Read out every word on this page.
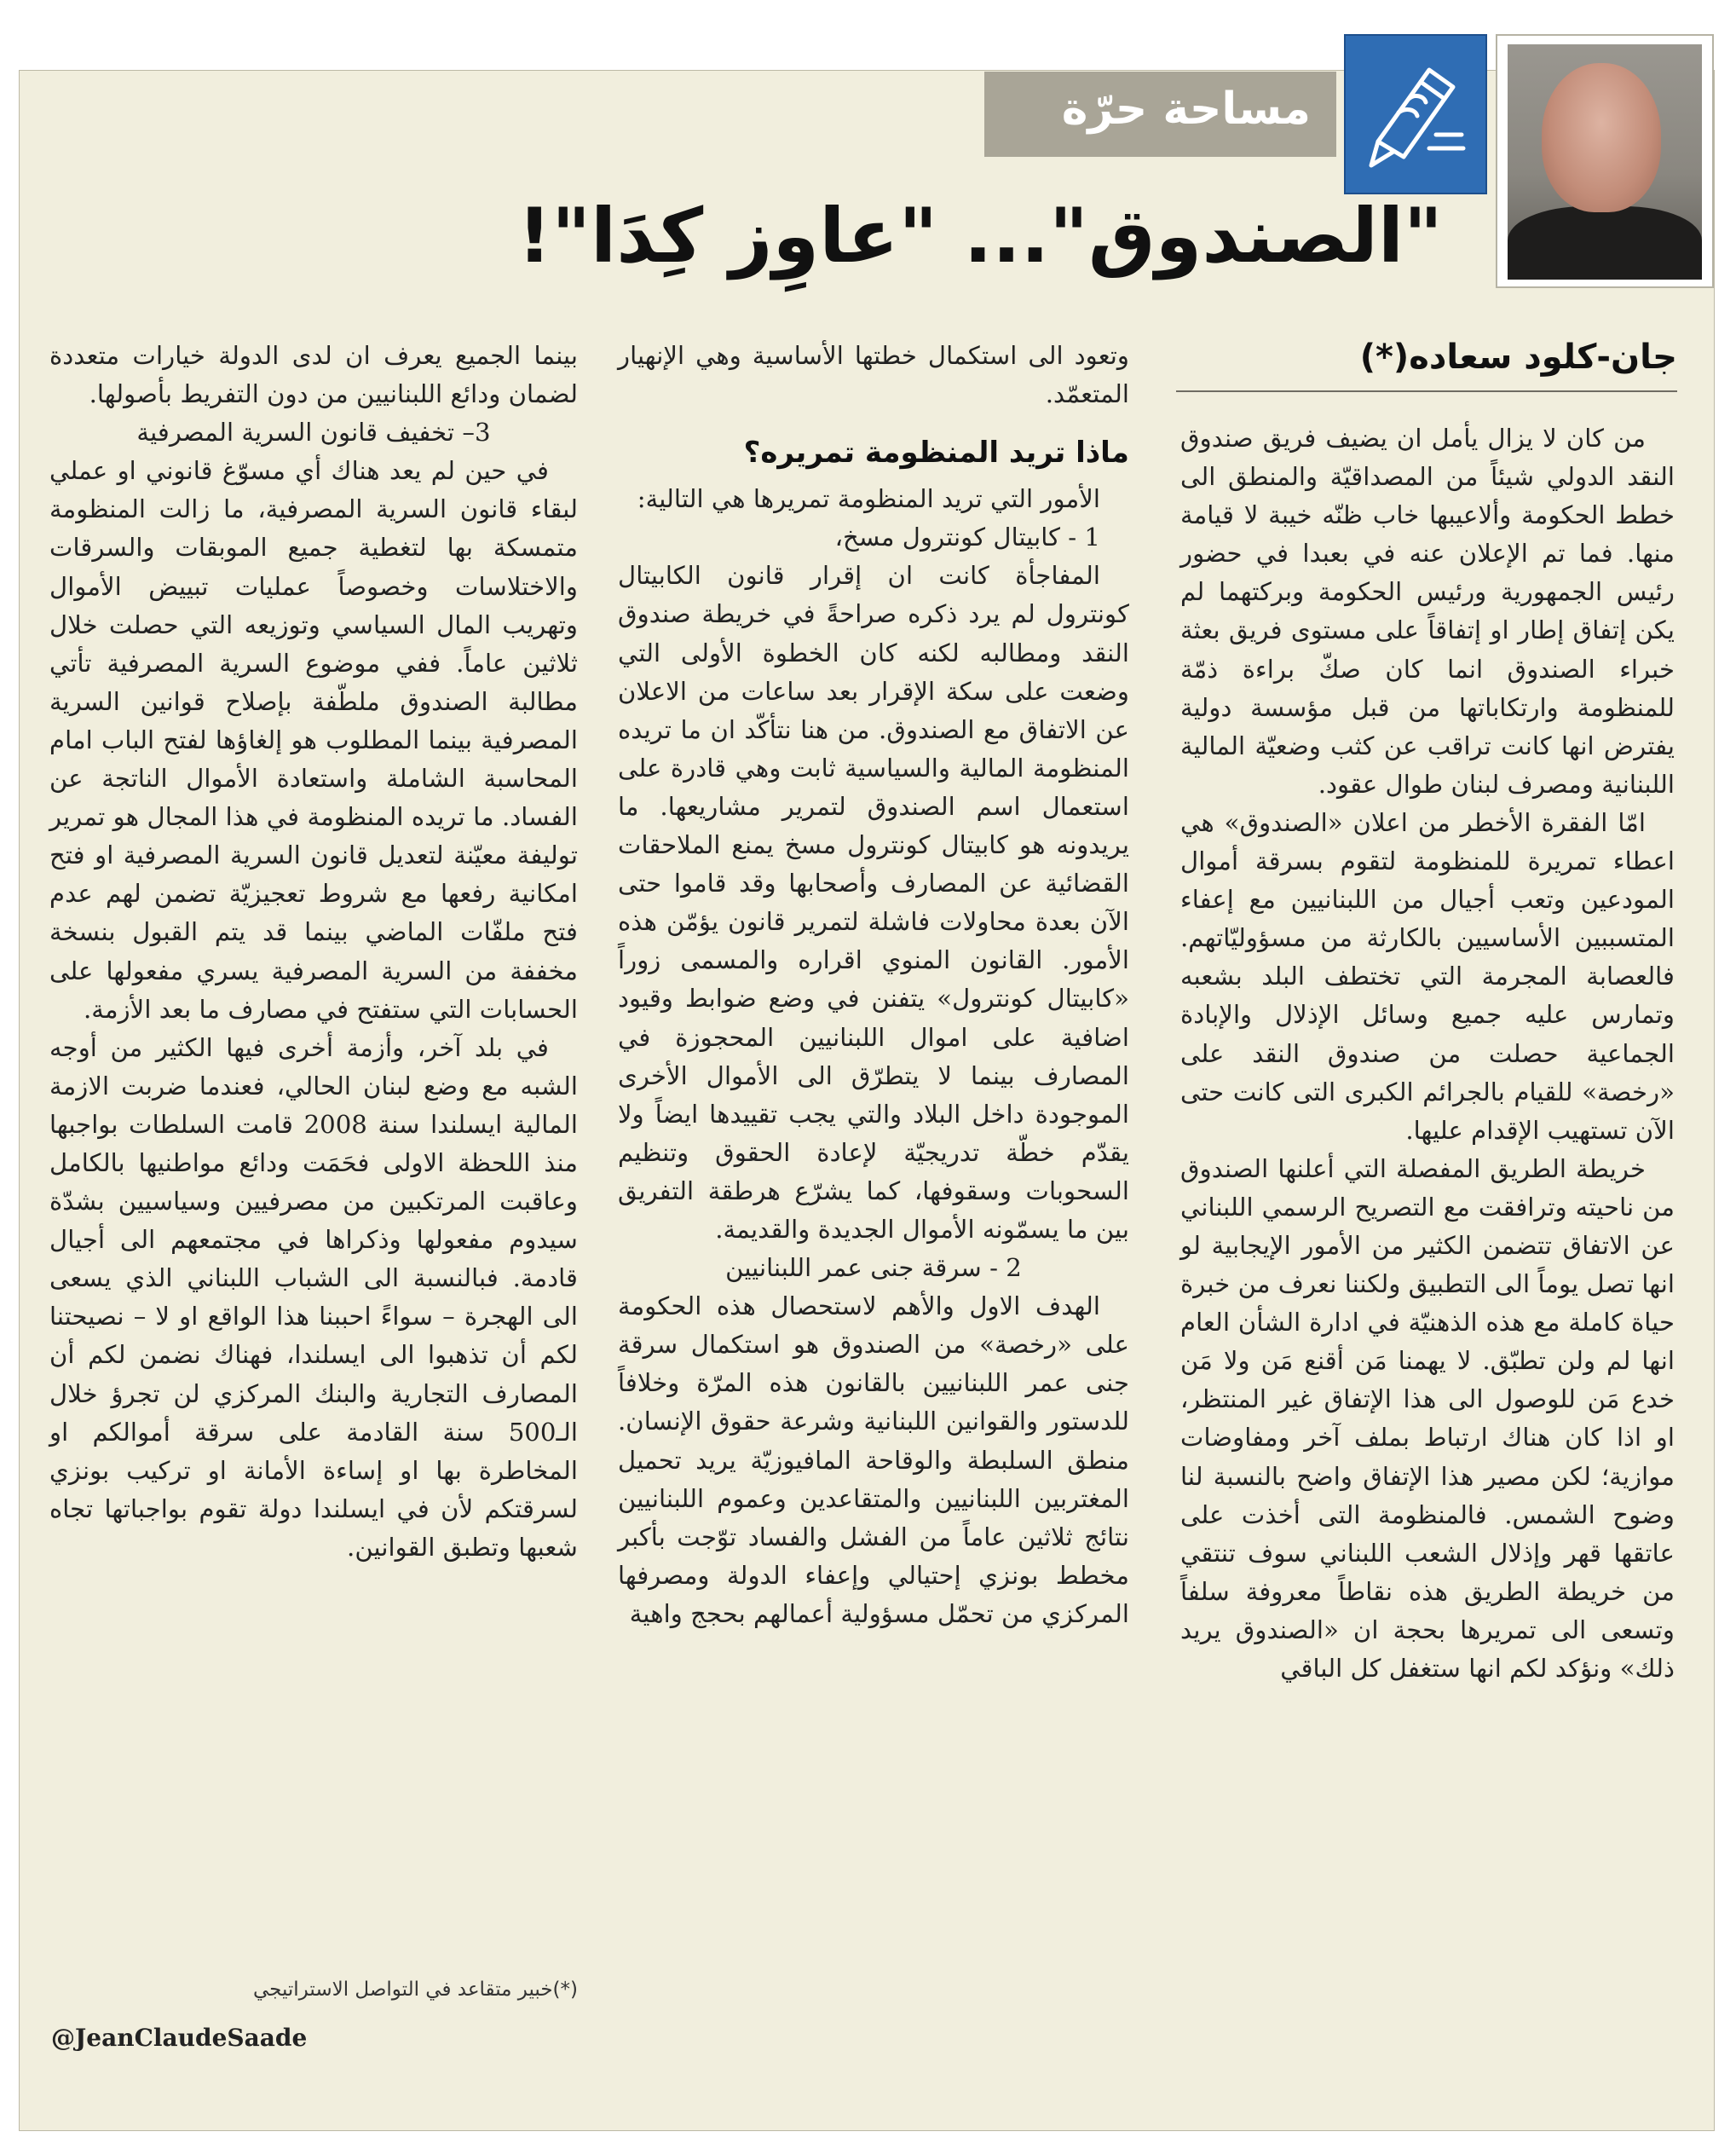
مساحة حرّة
"الصندوق"... "عاوِز كِدَا"!
جان-كلود سعاده(*)

من كان لا يزال يأمل ان يضيف فريق صندوق النقد الدولي شيئاً من المصداقيّة والمنطق الى خطط الحكومة وألاعيبها خاب ظنّه خيبة لا قيامة منها. فما تم الإعلان عنه في بعبدا في حضور رئيس الجمهورية ورئيس الحكومة وبركتهما لم يكن إتفاق إطار او إتفاقاً على مستوى فريق بعثة خبراء الصندوق انما كان صكّ براءة ذمّة للمنظومة وارتكاباتها من قبل مؤسسة دولية يفترض انها كانت تراقب عن كثب وضعيّة المالية اللبنانية ومصرف لبنان طوال عقود.

امّا الفقرة الأخطر من اعلان «الصندوق» هي اعطاء تمريرة للمنظومة لتقوم بسرقة أموال المودعين وتعب أجيال من اللبنانيين مع إعفاء المتسببين الأساسيين بالكارثة من مسؤوليّاتهم. فالعصابة المجرمة التي تختطف البلد بشعبه وتمارس عليه جميع وسائل الإذلال والإبادة الجماعية حصلت من صندوق النقد على «رخصة» للقيام بالجرائم الكبرى التى كانت حتى الآن تستهيب الإقدام عليها.

خريطة الطريق المفصلة التي أعلنها الصندوق من ناحيته وترافقت مع التصريح الرسمي اللبناني عن الاتفاق تتضمن الكثير من الأمور الإيجابية لو انها تصل يوماً الى التطبيق ولكننا نعرف من خبرة حياة كاملة مع هذه الذهنيّة في ادارة الشأن العام انها لم ولن تطبّق. لا يهمنا مَن أقنع مَن ولا مَن خدع مَن للوصول الى هذا الإتفاق غير المنتظر، او اذا كان هناك ارتباط بملف آخر ومفاوضات موازية؛ لكن مصير هذا الإتفاق واضح بالنسبة لنا وضوح الشمس. فالمنظومة التى أخذت على عاتقها قهر وإذلال الشعب اللبناني سوف تنتقي من خريطة الطريق هذه نقاطاً معروفة سلفاً وتسعى الى تمريرها بحجة ان «الصندوق يريد ذلك» ونؤكد لكم انها ستغفل كل الباقي

وتعود الى استكمال خطتها الأساسية وهي الإنهيار المتعمّد.

ماذا تريد المنظومة تمريره؟

الأمور التي تريد المنظومة تمريرها هي التالية:

1 - كابيتال كونترول مسخ،

المفاجأة كانت ان إقرار قانون الكابيتال كونترول لم يرد ذكره صراحةً في خريطة صندوق النقد ومطالبه لكنه كان الخطوة الأولى التي وضعت على سكة الإقرار بعد ساعات من الاعلان عن الاتفاق مع الصندوق. من هنا نتأكّد ان ما تريده المنظومة المالية والسياسية ثابت وهي قادرة على استعمال اسم الصندوق لتمرير مشاريعها. ما يريدونه هو كابيتال كونترول مسخ يمنع الملاحقات القضائية عن المصارف وأصحابها وقد قاموا حتى الآن بعدة محاولات فاشلة لتمرير قانون يؤمّن هذه الأمور. القانون المنوي اقراره والمسمى زوراً «كابيتال كونترول» يتفنن في وضع ضوابط وقيود اضافية على اموال اللبنانيين المحجوزة في المصارف بينما لا يتطرّق الى الأموال الأخرى الموجودة داخل البلاد والتي يجب تقييدها ايضاً ولا يقدّم خطّة تدريجيّة لإعادة الحقوق وتنظيم السحوبات وسقوفها، كما يشرّع هرطقة التفريق بين ما يسمّونه الأموال الجديدة والقديمة.

2 - سرقة جنى عمر اللبنانيين

الهدف الاول والأهم لاستحصال هذه الحكومة على «رخصة» من الصندوق هو استكمال سرقة جنى عمر اللبنانيين بالقانون هذه المرّة وخلافاً للدستور والقوانين اللبنانية وشرعة حقوق الإنسان. منطق السلبطة والوقاحة المافيوزيّة يريد تحميل المغتربين اللبنانيين والمتقاعدين وعموم اللبنانيين نتائج ثلاثين عاماً من الفشل والفساد توّجت بأكبر مخطط بونزي إحتيالي وإعفاء الدولة ومصرفها المركزي من تحمّل مسؤولية أعمالهم بحجج واهية

بينما الجميع يعرف ان لدى الدولة خيارات متعددة لضمان ودائع اللبنانيين من دون التفريط بأصولها.

3– تخفيف قانون السرية المصرفية

في حين لم يعد هناك أي مسوّغ قانوني او عملي لبقاء قانون السرية المصرفية، ما زالت المنظومة متمسكة بها لتغطية جميع الموبقات والسرقات والاختلاسات وخصوصاً عمليات تبييض الأموال وتهريب المال السياسي وتوزيعه التي حصلت خلال ثلاثين عاماً. ففي موضوع السرية المصرفية تأتي مطالبة الصندوق ملطّفة بإصلاح قوانين السرية المصرفية بينما المطلوب هو إلغاؤها لفتح الباب امام المحاسبة الشاملة واستعادة الأموال الناتجة عن الفساد. ما تريده المنظومة في هذا المجال هو تمرير توليفة معيّنة لتعديل قانون السرية المصرفية او فتح امكانية رفعها مع شروط تعجيزيّة تضمن لهم عدم فتح ملفّات الماضي بينما قد يتم القبول بنسخة مخففة من السرية المصرفية يسري مفعولها على الحسابات التي ستفتح في مصارف ما بعد الأزمة.

في بلد آخر، وأزمة أخرى فيها الكثير من أوجه الشبه مع وضع لبنان الحالي، فعندما ضربت الازمة المالية ايسلندا سنة 2008 قامت السلطات بواجبها منذ اللحظة الاولى فحَمَت ودائع مواطنيها بالكامل وعاقبت المرتكبين من مصرفيين وسياسيين بشدّة سيدوم مفعولها وذكراها في مجتمعهم الى أجيال قادمة. فبالنسبة الى الشباب اللبناني الذي يسعى الى الهجرة – سواءً احببنا هذا الواقع او لا – نصيحتنا لكم أن تذهبوا الى ايسلندا، فهناك نضمن لكم أن المصارف التجارية والبنك المركزي لن تجرؤ خلال الـ500 سنة القادمة على سرقة أموالكم او المخاطرة بها او إساءة الأمانة او تركيب بونزي لسرقتكم لأن في ايسلندا دولة تقوم بواجباتها تجاه شعبها وتطبق القوانين.

(*)خبير متقاعد في التواصل الاستراتيجي
@JeanClaudeSaade
